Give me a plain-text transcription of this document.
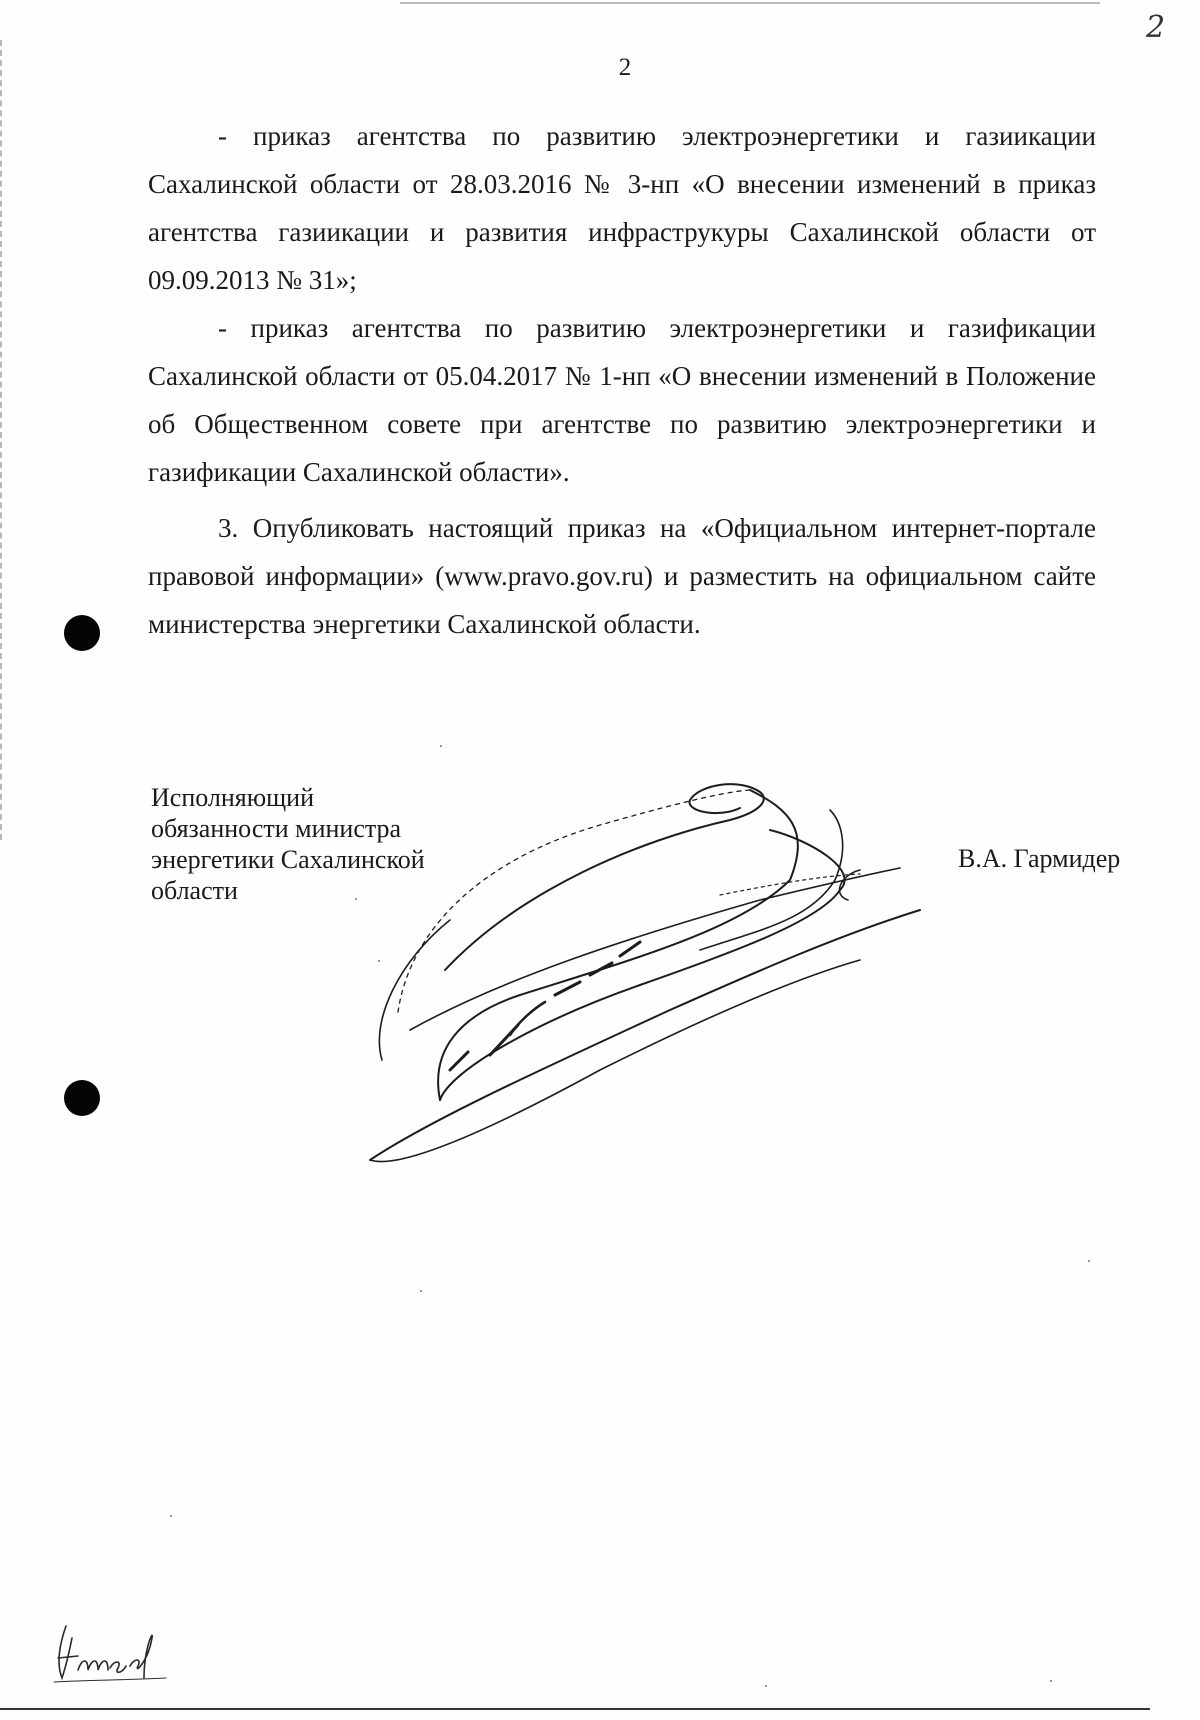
2
2

- приказ агентства по развитию электроэнергетики и газиикации Сахалинской области от 28.03.2016 № 3-нп «О внесении изменений в приказ агентства газиикации и развития инфраструкуры Сахалинской области от 09.09.2013 № 31»;

- приказ агентства по развитию электроэнергетики и газификации Сахалинской области от 05.04.2017 № 1-нп «О внесении изменений в Положение об Общественном совете при агентстве по развитию электроэнергетики и газификации Сахалинской области».

3. Опубликовать настоящий приказ на «Официальном интернет-портале правовой информации» (www.pravo.gov.ru) и разместить на официальном сайте министерства энергетики Сахалинской области.

Исполняющий
обязанности министра
энергетики Сахалинской
области
В.А. Гармидер
